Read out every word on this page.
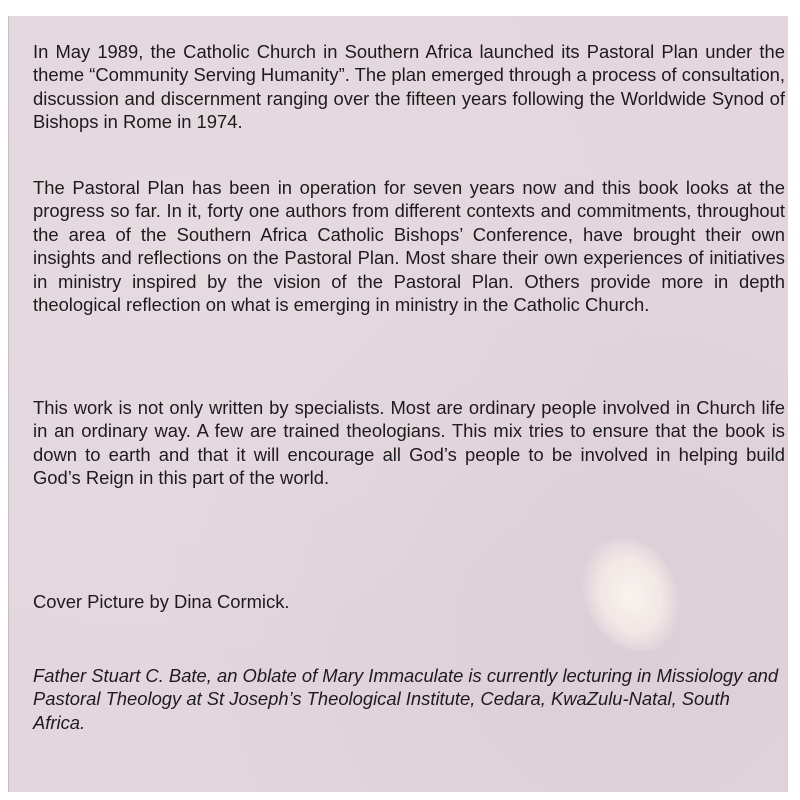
In May 1989, the Catholic Church in Southern Africa launched its Pastoral Plan under the theme “Community Serving Humanity”. The plan emerged through a process of consultation, discussion and discernment ranging over the fifteen years following the Worldwide Synod of Bishops in Rome in 1974.

The Pastoral Plan has been in operation for seven years now and this book looks at the progress so far. In it, forty one authors from different contexts and commitments, throughout the area of the Southern Africa Catholic Bishops’ Conference, have brought their own insights and reflections on the Pastoral Plan. Most share their own experiences of initiatives in ministry inspired by the vision of the Pastoral Plan. Others provide more in depth theological reflection on what is emerging in ministry in the Catholic Church.

This work is not only written by specialists. Most are ordinary people involved in Church life in an ordinary way. A few are trained theologians. This mix tries to ensure that the book is down to earth and that it will encourage all God’s people to be involved in helping build God’s Reign in this part of the world.

Cover Picture by Dina Cormick.

Father Stuart C. Bate, an Oblate of Mary Immaculate is currently lecturing in Missiology and Pastoral Theology at St Joseph’s Theological Institute, Cedara, KwaZulu-Natal, South Africa.
